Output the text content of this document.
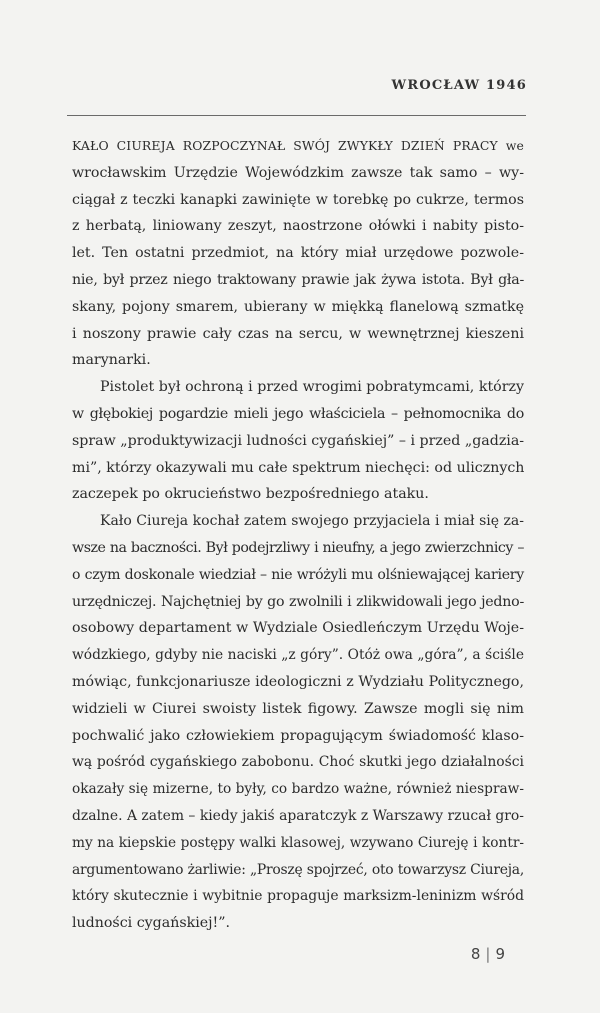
WROCŁAW 1946
KAŁO CIUREJA ROZPOCZYNAŁ SWÓJ ZWYKŁY DZIEŃ PRACY we
wrocławskim Urzędzie Wojewódzkim zawsze tak samo – wy-
ciągał z teczki kanapki zawinięte w torebkę po cukrze, termos
z herbatą, liniowany zeszyt, naostrzone ołówki i nabity pisto-
let. Ten ostatni przedmiot, na który miał urzędowe pozwole-
nie, był przez niego traktowany prawie jak żywa istota. Był gła-
skany, pojony smarem, ubierany w miękką flanelową szmatkę
i noszony prawie cały czas na sercu, w wewnętrznej kieszeni
marynarki.
Pistolet był ochroną i przed wrogimi pobratymcami, którzy
w głębokiej pogardzie mieli jego właściciela – pełnomocnika do
spraw „produktywizacji ludności cygańskiej” – i przed „gadzia-
mi”, którzy okazywali mu całe spektrum niechęci: od ulicznych
zaczepek po okrucieństwo bezpośredniego ataku.
Kało Ciureja kochał zatem swojego przyjaciela i miał się za-
wsze na baczności. Był podejrzliwy i nieufny, a jego zwierzchnicy –
o czym doskonale wiedział – nie wróżyli mu olśniewającej kariery
urzędniczej. Najchętniej by go zwolnili i zlikwidowali jego jedno-
osobowy departament w Wydziale Osiedleńczym Urzędu Woje-
wódzkiego, gdyby nie naciski „z góry”. Otóż owa „góra”, a ściśle
mówiąc, funkcjonariusze ideologiczni z Wydziału Politycznego,
widzieli w Ciurei swoisty listek figowy. Zawsze mogli się nim
pochwalić jako człowiekiem propagującym świadomość klaso-
wą pośród cygańskiego zabobonu. Choć skutki jego działalności
okazały się mizerne, to były, co bardzo ważne, również niespraw-
dzalne. A zatem – kiedy jakiś aparatczyk z Warszawy rzucał gro-
my na kiepskie postępy walki klasowej, wzywano Ciureję i kontr-
argumentowano żarliwie: „Proszę spojrzeć, oto towarzysz Ciureja,
który skutecznie i wybitnie propaguje marksizm-leninizm wśród
ludności cygańskiej!”.
8 | 9
